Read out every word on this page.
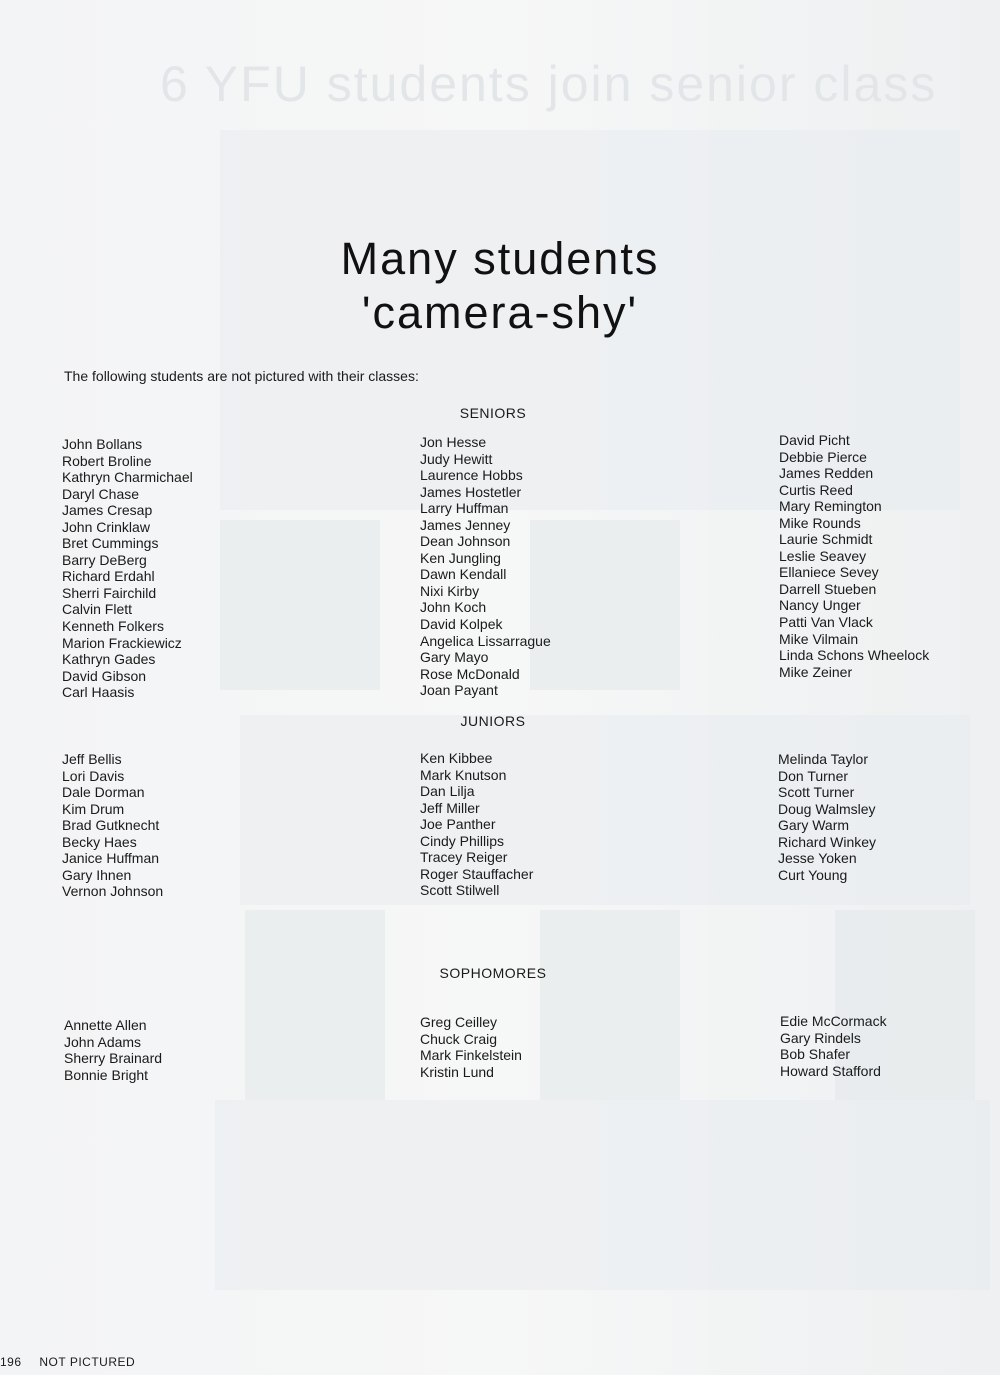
6 YFU students join senior class
Many students
'camera-shy'
The following students are not pictured with their classes:
SENIORS
John Bollans
Robert Broline
Kathryn Charmichael
Daryl Chase
James Cresap
John Crinklaw
Bret Cummings
Barry DeBerg
Richard Erdahl
Sherri Fairchild
Calvin Flett
Kenneth Folkers
Marion Frackiewicz
Kathryn Gades
David Gibson
Carl Haasis
Jon Hesse
Judy Hewitt
Laurence Hobbs
James Hostetler
Larry Huffman
James Jenney
Dean Johnson
Ken Jungling
Dawn Kendall
Nixi Kirby
John Koch
David Kolpek
Angelica Lissarrague
Gary Mayo
Rose McDonald
Joan Payant
David Picht
Debbie Pierce
James Redden
Curtis Reed
Mary Remington
Mike Rounds
Laurie Schmidt
Leslie Seavey
Ellaniece Sevey
Darrell Stueben
Nancy Unger
Patti Van Vlack
Mike Vilmain
Linda Schons Wheelock
Mike Zeiner
JUNIORS
Jeff Bellis
Lori Davis
Dale Dorman
Kim Drum
Brad Gutknecht
Becky Haes
Janice Huffman
Gary Ihnen
Vernon Johnson
Ken Kibbee
Mark Knutson
Dan Lilja
Jeff Miller
Joe Panther
Cindy Phillips
Tracey Reiger
Roger Stauffacher
Scott Stilwell
Melinda Taylor
Don Turner
Scott Turner
Doug Walmsley
Gary Warm
Richard Winkey
Jesse Yoken
Curt Young
SOPHOMORES
Annette Allen
John Adams
Sherry Brainard
Bonnie Bright
Greg Ceilley
Chuck Craig
Mark Finkelstein
Kristin Lund
Edie McCormack
Gary Rindels
Bob Shafer
Howard Stafford
196 NOT PICTURED
